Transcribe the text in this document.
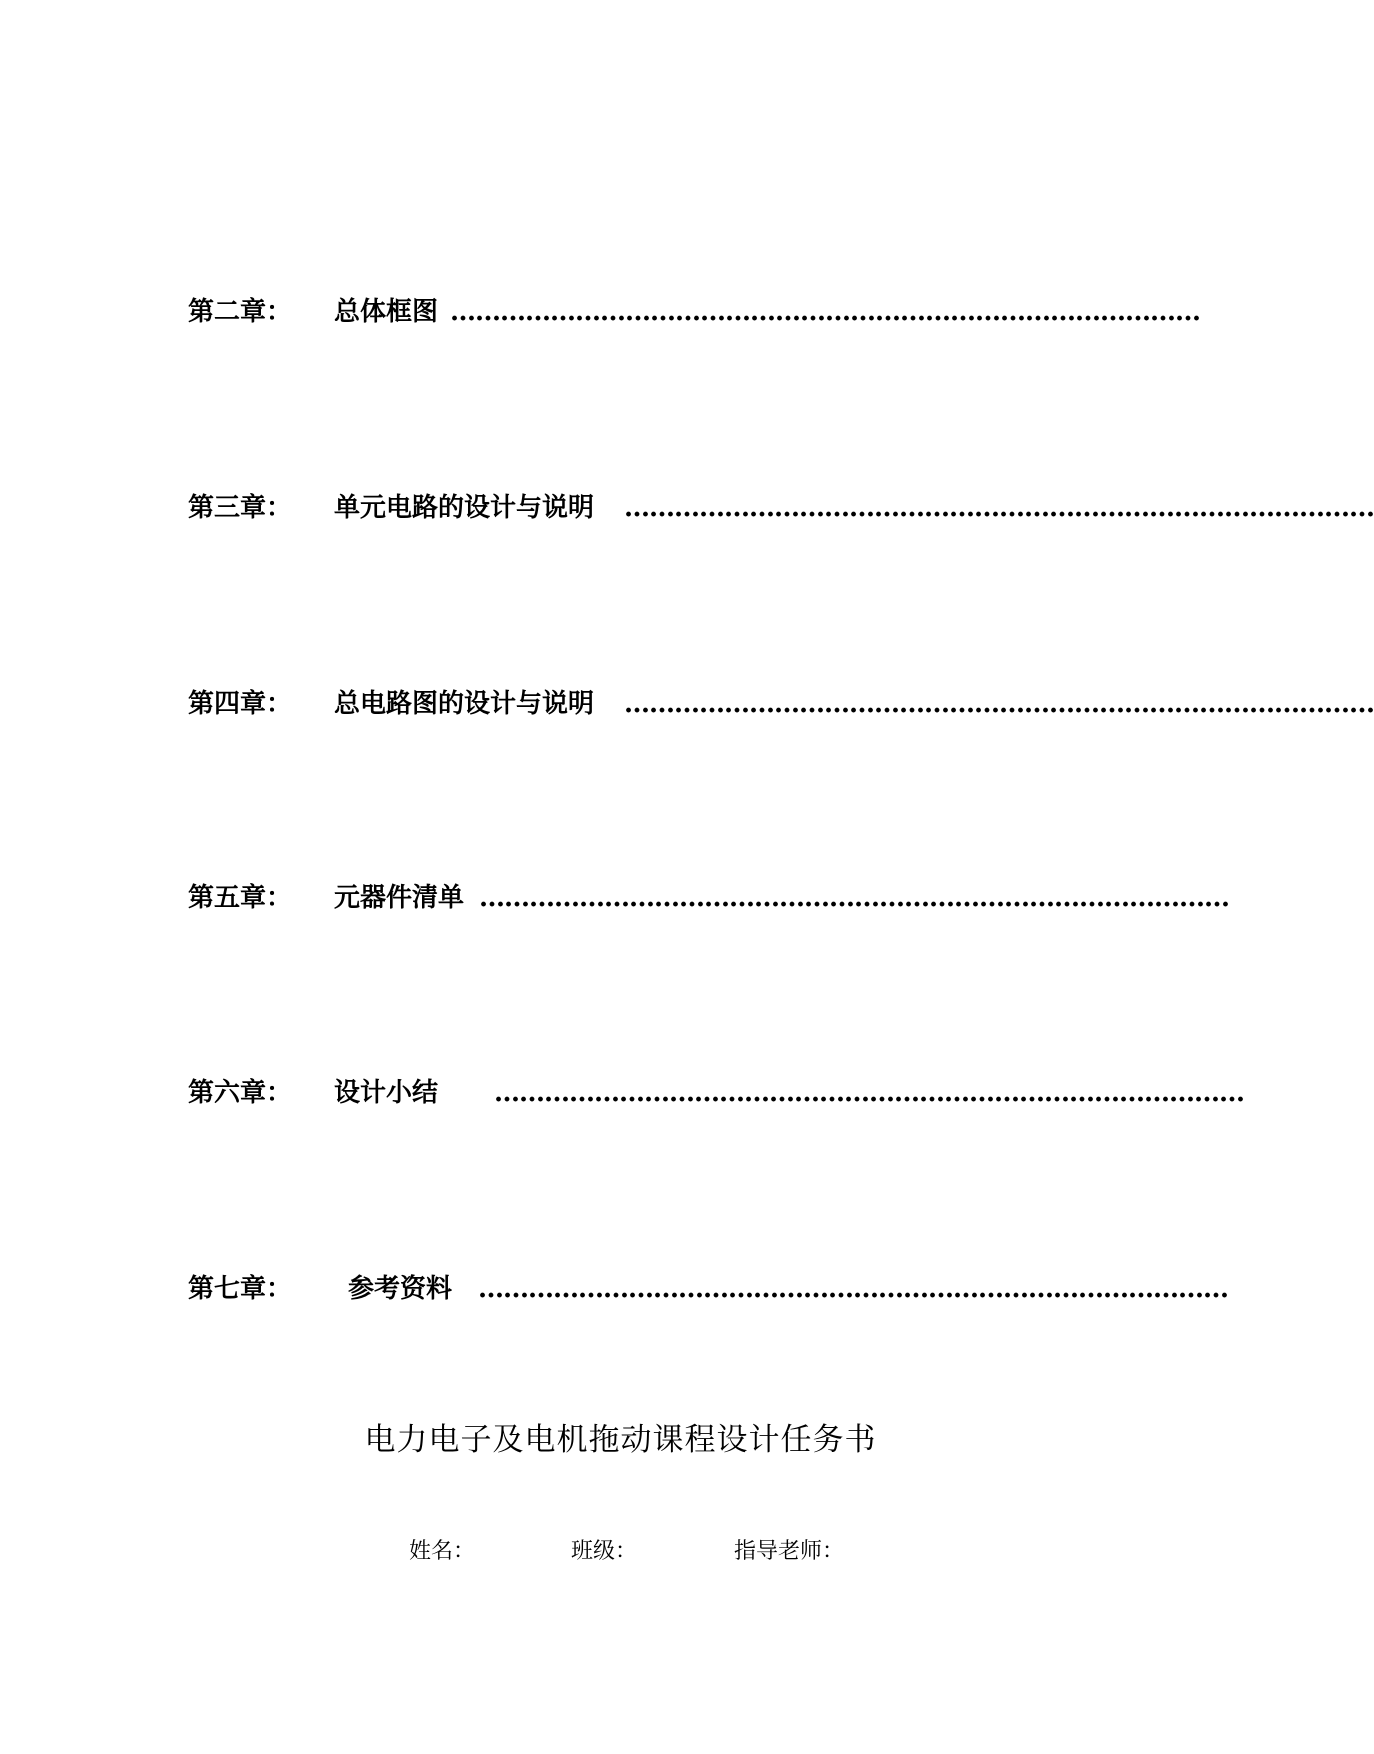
第二章： 总体框图 ………………………………………………………………………………
第三章： 单元电路的设计与说明 ………………………………………………………………………………
第四章： 总电路图的设计与说明 ………………………………………………………………………………
第五章： 元器件清单 ………………………………………………………………………………
第六章： 设计小结 ………………………………………………………………………………
第七章： 参考资料 ………………………………………………………………………………
电力电子及电机拖动课程设计任务书
姓名：	班级：	指导老师：
